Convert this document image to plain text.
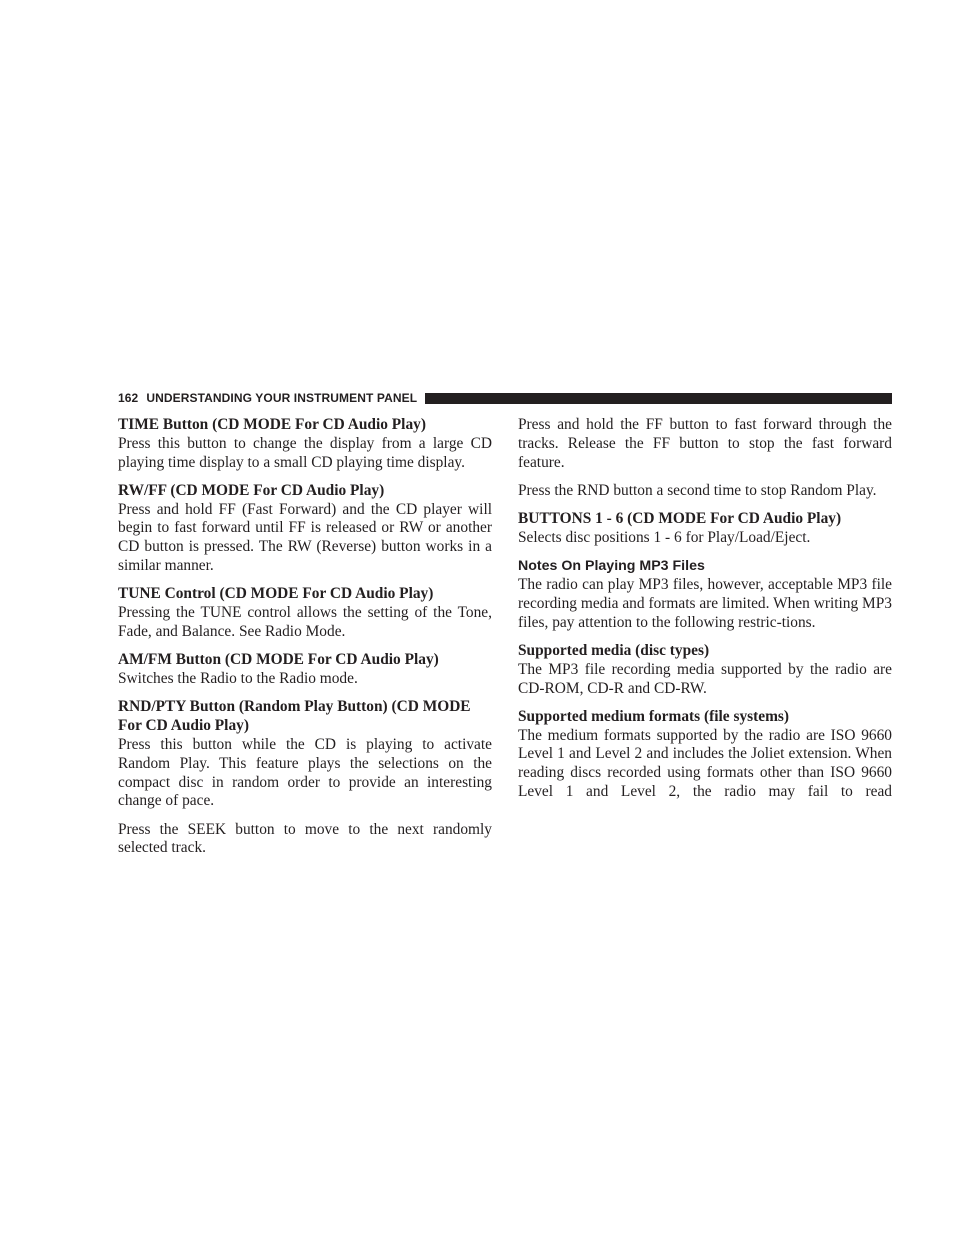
162 UNDERSTANDING YOUR INSTRUMENT PANEL
TIME Button (CD MODE For CD Audio Play)

Press this button to change the display from a large CD playing time display to a small CD playing time display.

RW/FF (CD MODE For CD Audio Play)

Press and hold FF (Fast Forward) and the CD player will begin to fast forward until FF is released or RW or another CD button is pressed. The RW (Reverse) button works in a similar manner.

TUNE Control (CD MODE For CD Audio Play)

Pressing the TUNE control allows the setting of the Tone, Fade, and Balance. See Radio Mode.

AM/FM Button (CD MODE For CD Audio Play)

Switches the Radio to the Radio mode.

RND/PTY Button (Random Play Button) (CD MODE For CD Audio Play)

Press this button while the CD is playing to activate Random Play. This feature plays the selections on the compact disc in random order to provide an interesting change of pace.

Press the SEEK button to move to the next randomly selected track.

Press and hold the FF button to fast forward through the tracks. Release the FF button to stop the fast forward feature.

Press the RND button a second time to stop Random Play.

BUTTONS 1 - 6 (CD MODE For CD Audio Play)

Selects disc positions 1 - 6 for Play/Load/Eject.

Notes On Playing MP3 Files

The radio can play MP3 files, however, acceptable MP3 file recording media and formats are limited. When writing MP3 files, pay attention to the following restric-tions.

Supported media (disc types)

The MP3 file recording media supported by the radio are CD-ROM, CD-R and CD-RW.

Supported medium formats (file systems)

The medium formats supported by the radio are ISO 9660 Level 1 and Level 2 and includes the Joliet extension. When reading discs recorded using formats other than ISO 9660 Level 1 and Level 2, the radio may fail to read
